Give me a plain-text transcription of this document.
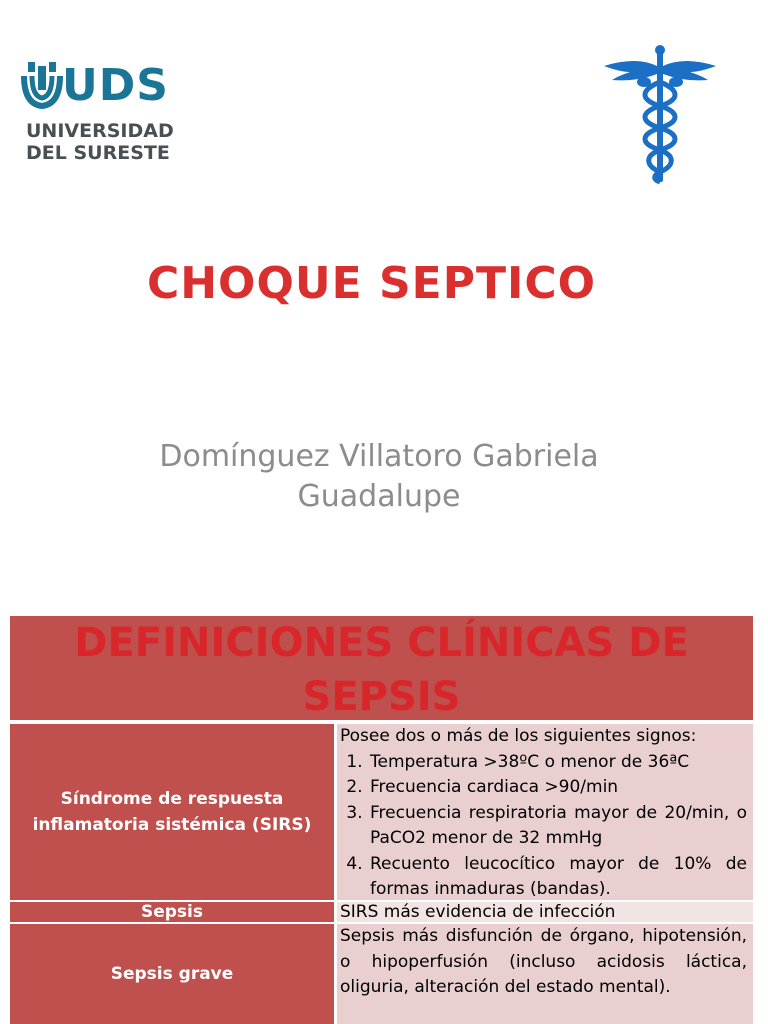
UDS
UNIVERSIDAD
DEL SURESTE
CHOQUE SEPTICO
Domínguez Villatoro Gabriela
Guadalupe
DEFINICIONES CLÍNICAS DE
SEPSIS
Síndrome de respuesta inflamatoria sistémica (SIRS)
Posee dos o más de los siguientes signos:
1. Temperatura >38ºC o menor de 36ªC
2. Frecuencia cardiaca >90/min
3. Frecuencia respiratoria mayor de 20/min, o PaCO2 menor de 32 mmHg
4. Recuento leucocítico mayor de 10% de formas inmaduras (bandas).
Sepsis	SIRS más evidencia de infección
Sepsis grave
Sepsis más disfunción de órgano, hipotensión, o hipoperfusión (incluso acidosis láctica, oliguria, alteración del estado mental).
